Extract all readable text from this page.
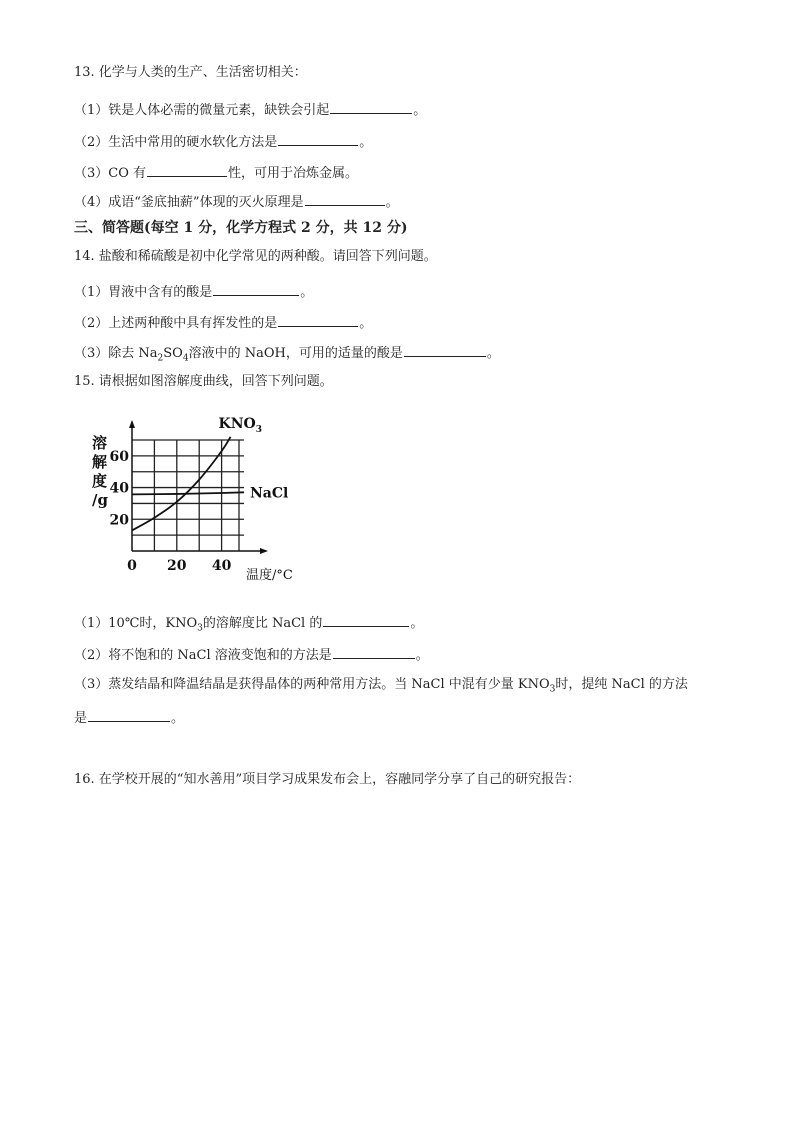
13. 化学与人类的生产、生活密切相关：
（1）铁是人体必需的微量元素，缺铁会引起	。
（2）生活中常用的硬水软化方法是	。
（3）CO 有	性，可用于冶炼金属。
（4）成语“釜底抽薪”体现的灭火原理是	。
三、简答题(每空 1 分，化学方程式 2 分，共 12 分)
14. 盐酸和稀硫酸是初中化学常见的两种酸。请回答下列问题。
（1）胃液中含有的酸是	。
（2）上述两种酸中具有挥发性的是	。
（3）除去 $Na_2SO_4$溶液中的 NaOH，可用的适量的酸是	。
15. 请根据如图溶解度曲线，回答下列问题。
溶
解
度
/g
0 20 40
20
40
60
温度/°C
$KNO_3$
NaCl
（1）10℃时，$KNO_3$的溶解度比 NaCl 的	。
（2）将不饱和的 NaCl 溶液变饱和的方法是	。
（3）蒸发结晶和降温结晶是获得晶体的两种常用方法。当 NaCl 中混有少量 $KNO_3$时，提纯 NaCl 的方法
是	。
16. 在学校开展的“知水善用”项目学习成果发布会上，容融同学分享了自己的研究报告：
